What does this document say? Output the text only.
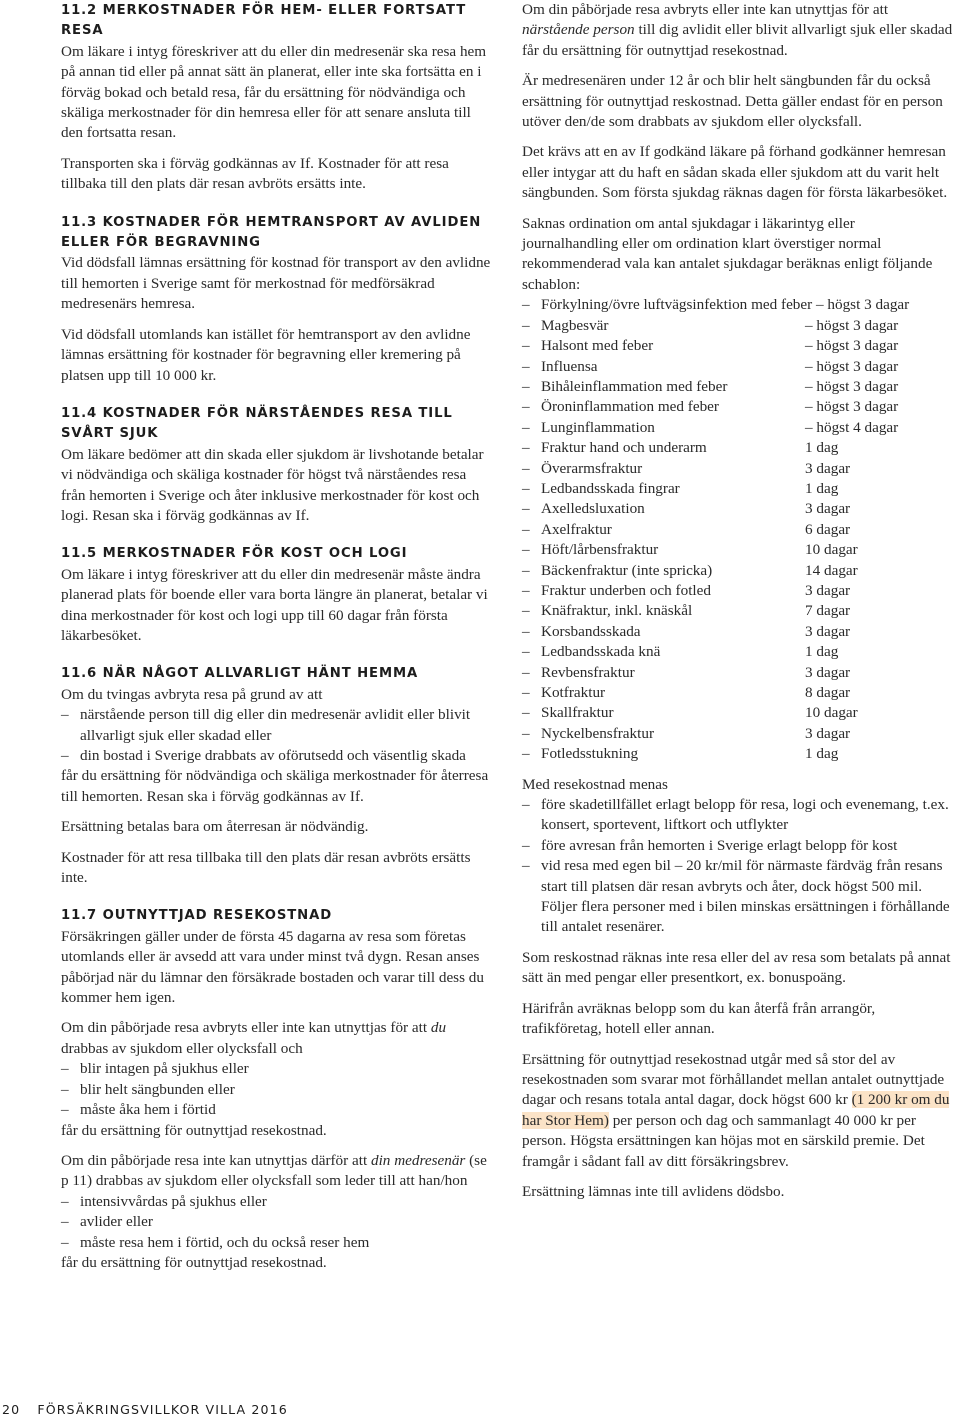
11.2 MERKOSTNADER FÖR HEM- ELLER FORTSATT RESA

Om läkare i intyg föreskriver att du eller din medresenär ska resa hem på annan tid eller på annat sätt än planerat, eller inte ska fortsätta en i förväg bokad och betald resa, får du ersättning för nödvändiga och skäliga merkostnader för din hemresa eller för att senare ansluta till den fortsatta resan.

Transporten ska i förväg godkännas av If. Kostnader för att resa tillbaka till den plats där resan avbröts ersätts inte.

11.3 KOSTNADER FÖR HEMTRANSPORT AV AVLIDEN ELLER FÖR BEGRAVNING

Vid dödsfall lämnas ersättning för kostnad för transport av den avlidne till hemorten i Sverige samt för merkostnad för medförsäkrad medresenärs hemresa.

Vid dödsfall utomlands kan istället för hemtransport av den avlidne lämnas ersättning för kostnader för begravning eller kremering på platsen upp till 10 000 kr.

11.4 KOSTNADER FÖR NÄRSTÅENDES RESA TILL SVÅRT SJUK

Om läkare bedömer att din skada eller sjukdom är livshotande betalar vi nödvändiga och skäliga kostnader för högst två närståendes resa från hemorten i Sverige och åter inklusive merkostnader för kost och logi. Resan ska i förväg godkännas av If.

11.5 MERKOSTNADER FÖR KOST OCH LOGI

Om läkare i intyg föreskriver att du eller din medresenär måste ändra planerad plats för boende eller vara borta längre än planerat, betalar vi dina merkostnader för kost och logi upp till 60 dagar från första läkarbesöket.

11.6 NÄR NÅGOT ALLVARLIGT HÄNT HEMMA

Om du tvingas avbryta resa på grund av att

– närstående person till dig eller din medresenär avlidit eller blivit allvarligt sjuk eller skadad eller
– din bostad i Sverige drabbats av oförutsedd och väsentlig skada

får du ersättning för nödvändiga och skäliga merkostnader för återresa till hemorten. Resan ska i förväg godkännas av If.

Ersättning betalas bara om återresan är nödvändig.

Kostnader för att resa tillbaka till den plats där resan avbröts ersätts inte.

11.7 OUTNYTTJAD RESEKOSTNAD

Försäkringen gäller under de första 45 dagarna av resa som företas utomlands eller är avsedd att vara under minst två dygn. Resan anses påbörjad när du lämnar den försäkrade bostaden och varar till dess du kommer hem igen.

Om din påbörjade resa avbryts eller inte kan utnyttjas för att du drabbas av sjukdom eller olycksfall och

– blir intagen på sjukhus eller
– blir helt sängbunden eller
– måste åka hem i förtid

får du ersättning för outnyttjad resekostnad.

Om din påbörjade resa inte kan utnyttjas därför att din medresenär (se p 11) drabbas av sjukdom eller olycksfall som leder till att han/hon

– intensivvårdas på sjukhus eller
– avlider eller
– måste resa hem i förtid, och du också reser hem

får du ersättning för outnyttjad resekostnad.

Om din påbörjade resa avbryts eller inte kan utnyttjas för att närstående person till dig avlidit eller blivit allvarligt sjuk eller skadad får du ersättning för outnyttjad resekostnad.

Är medresenären under 12 år och blir helt sängbunden får du också ersättning för outnyttjad reskostnad. Detta gäller endast för en person utöver den/de som drabbats av sjukdom eller olycksfall.

Det krävs att en av If godkänd läkare på förhand godkänner hemresan eller intygar att du haft en sådan skada eller sjukdom att du varit helt sängbunden. Som första sjukdag räknas dagen för första läkarbesöket.

Saknas ordination om antal sjukdagar i läkarintyg eller journalhandling eller om ordination klart överstiger normal rekommenderad vala kan antalet sjukdagar beräknas enligt följande schablon:

– Förkylning/övre luftvägsinfektion med feber – högst 3 dagar
– Magbesvär	– högst 3 dagar
– Halsont med feber	– högst 3 dagar
– Influensa	– högst 3 dagar
– Bihåleinflammation med feber	– högst 3 dagar
– Öroninflammation med feber	– högst 3 dagar
– Lunginflammation	– högst 4 dagar
– Fraktur hand och underarm	1 dag
– Överarmsfraktur	3 dagar
– Ledbandsskada fingrar	1 dag
– Axelledsluxation	3 dagar
– Axelfraktur	6 dagar
– Höft/lårbensfraktur	10 dagar
– Bäckenfraktur (inte spricka)	14 dagar
– Fraktur underben och fotled	3 dagar
– Knäfraktur, inkl. knäskål	7 dagar
– Korsbandsskada	3 dagar
– Ledbandsskada knä	1 dag
– Revbensfraktur	3 dagar
– Kotfraktur	8 dagar
– Skallfraktur	10 dagar
– Nyckelbensfraktur	3 dagar
– Fotledsstukning	1 dag

Med resekostnad menas

– före skadetillfället erlagt belopp för resa, logi och evenemang, t.ex. konsert, sportevent, liftkort och utflykter
– före avresan från hemorten i Sverige erlagt belopp för kost
– vid resa med egen bil – 20 kr/mil för närmaste färdväg från resans start till platsen där resan avbryts och åter, dock högst 500 mil. Följer flera personer med i bilen minskas ersättningen i förhållande till antalet resenärer.

Som reskostnad räknas inte resa eller del av resa som betalats på annat sätt än med pengar eller presentkort, ex. bonuspoäng.

Härifrån avräknas belopp som du kan återfå från arrangör, trafikföretag, hotell eller annan.

Ersättning för outnyttjad resekostnad utgår med så stor del av resekostnaden som svarar mot förhållandet mellan antalet outnyttjade dagar och resans totala antal dagar, dock högst 600 kr (1 200 kr om du har Stor Hem) per person och dag och sammanlagt 40 000 kr per person. Högsta ersättningen kan höjas mot en särskild premie. Det framgår i sådant fall av ditt försäkringsbrev.

Ersättning lämnas inte till avlidens dödsbo.

20 FÖRSÄKRINGSVILLKOR VILLA 2016
